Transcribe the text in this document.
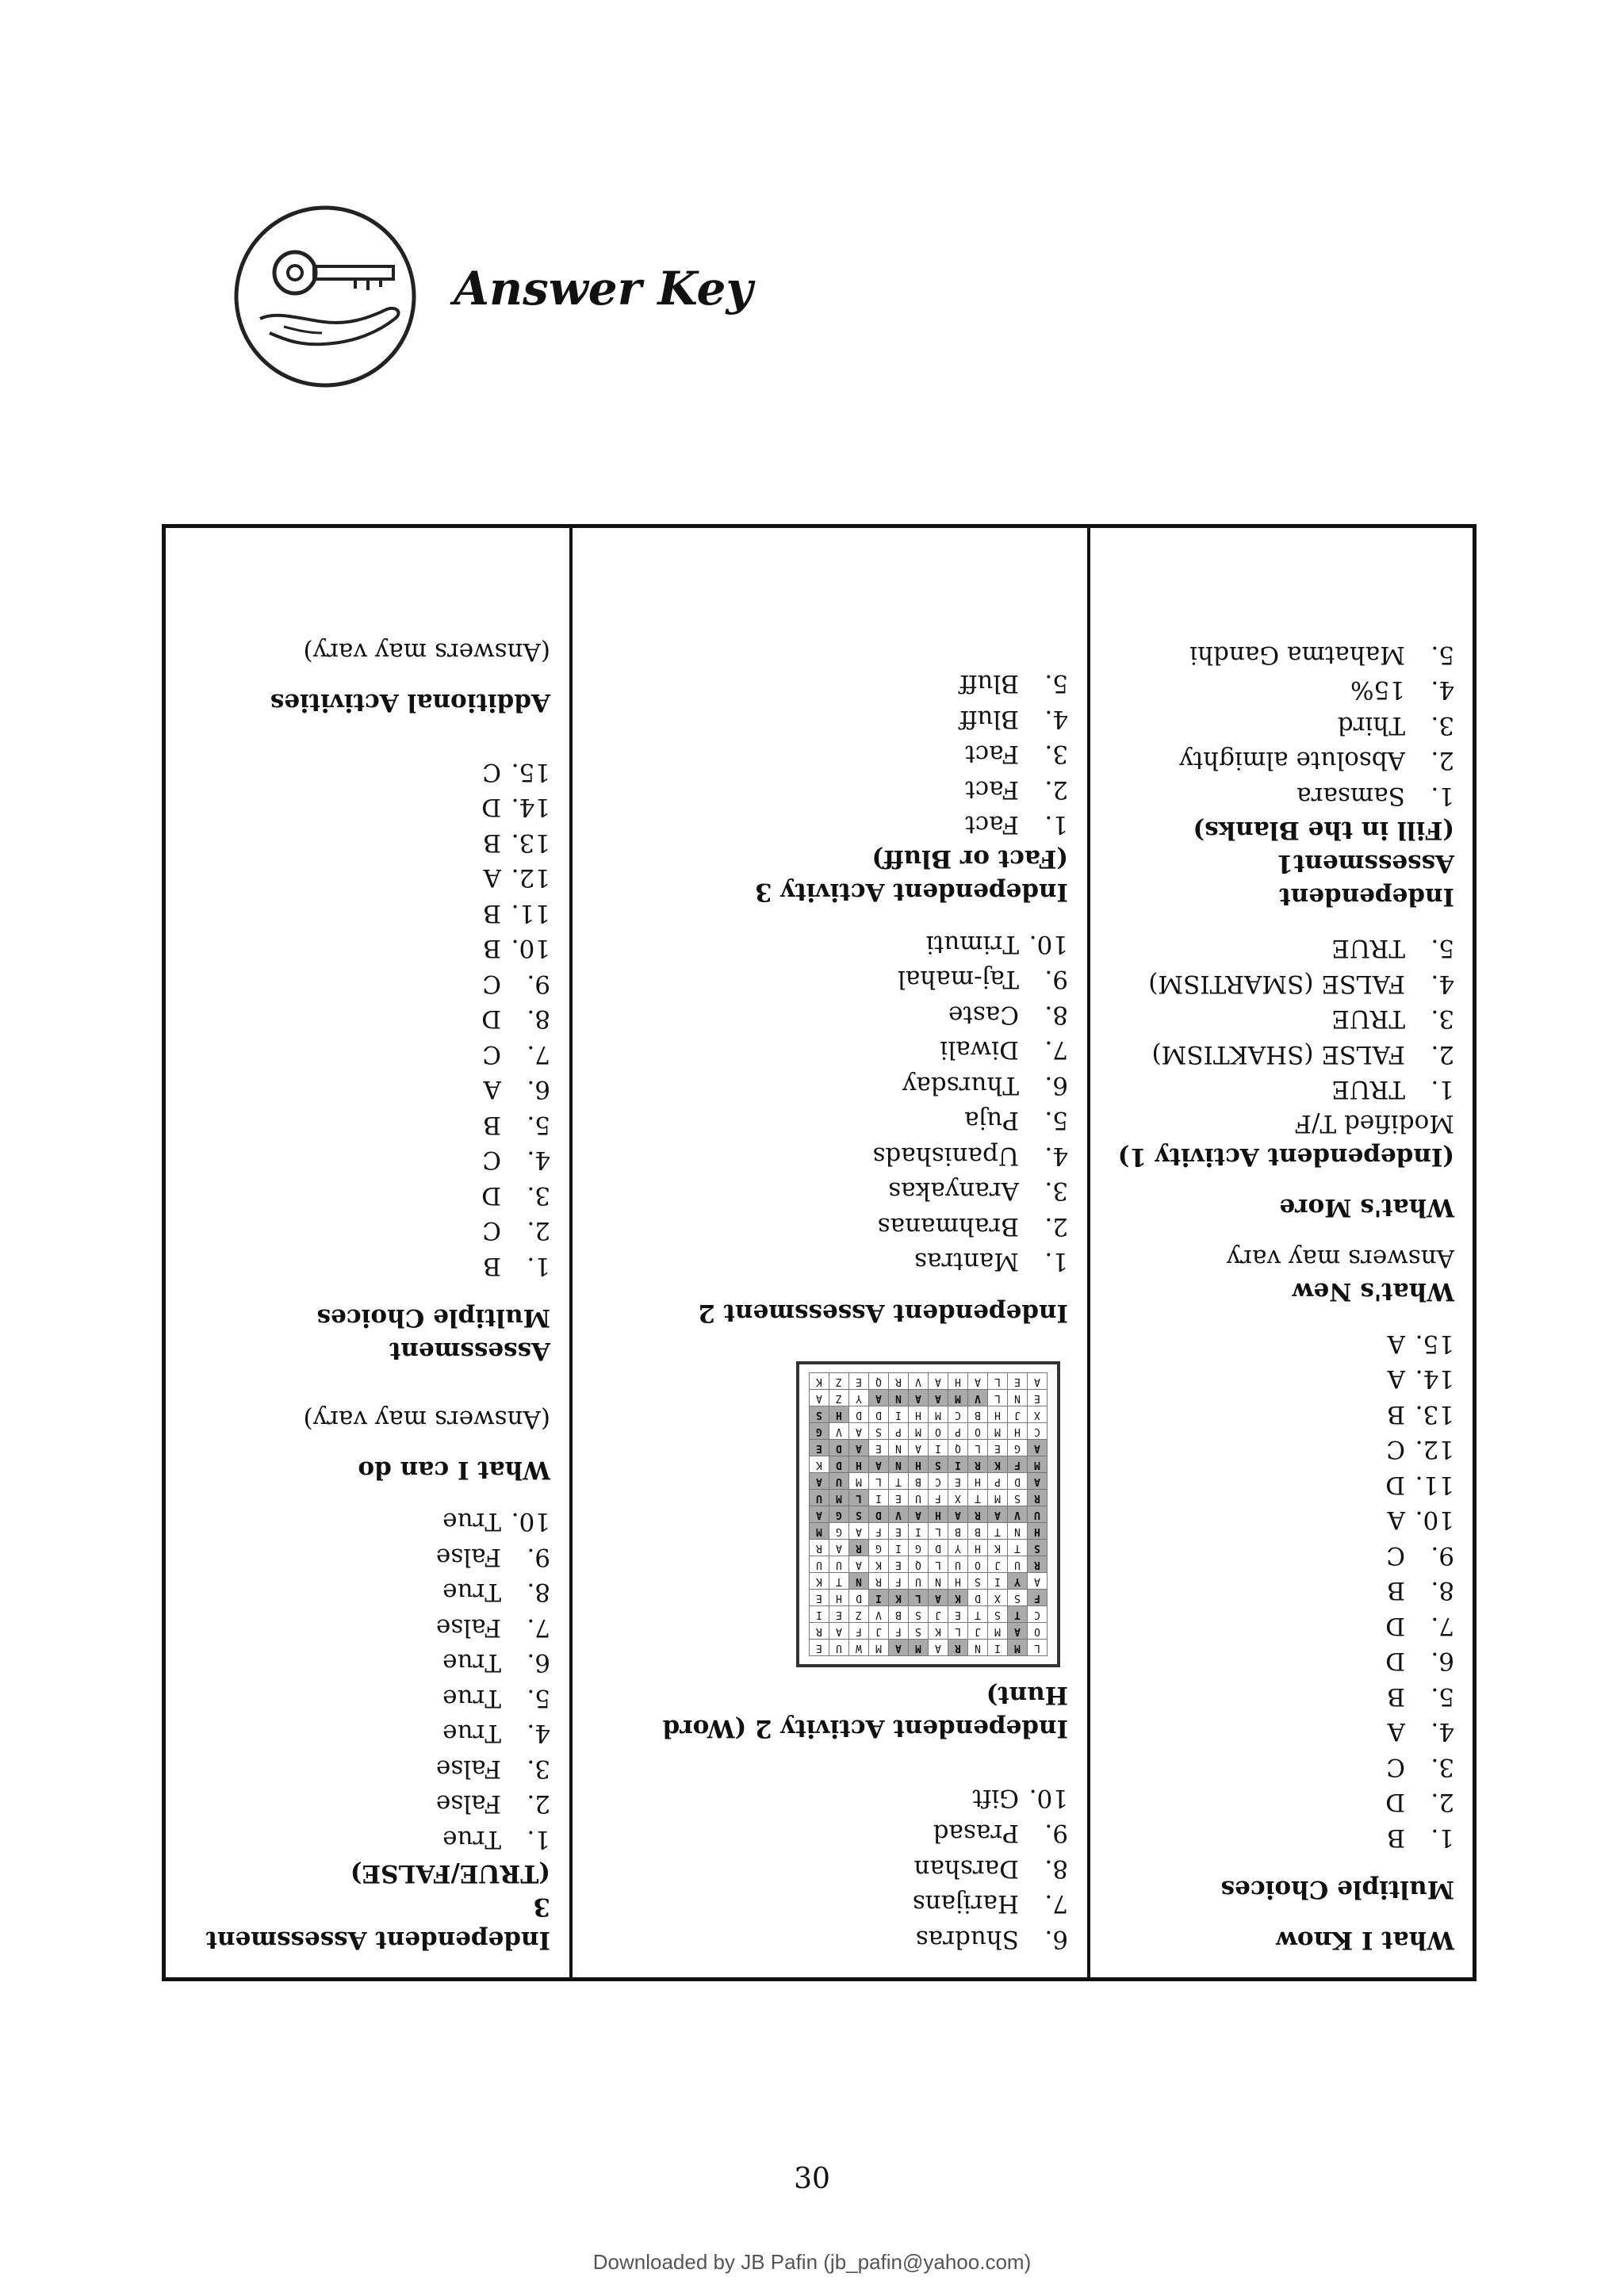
Answer Key

Independent Assessment 3

(TRUE/FALSE)

1.True
2.False
3.False
4.True
5.True
6.True
7.False
8.True
9.False
10.True

What I can do

(Answers may vary)

Assessment

Multiple Choices

1.B
2.C
3.D
4.C
5.B
6.A
7.C
8.D
9.C
10.B
11.B
12.A
13.B
14.D
15.C

Additional Activities

(Answers may vary)
6.Shudras
7.Harijans
8.Darshan
9.Prasad
10.Gift

Independent Activity 2 (Word Hunt)

L	M	I	N	R	A	M	A	M	W	U	E
O	A	M	J	L	K	S	F	J	F	A	R
C	T	S	T	E	J	S	B	V	Z	E	I
F	S	X	D	K	A	L	K	I	D	H	E
A	Y	I	S	H	N	U	F	R	N	T	K
R	U	J	O	U	L	Q	E	K	A	U	U
S	T	K	H	Y	D	G	I	G	R	A	R
H	N	T	B	B	L	I	E	F	A	G	M
U	V	A	R	A	H	A	V	D	S	G	A
R	S	M	T	X	F	U	E	I	L	M	U
A	D	P	H	E	C	B	T	L	M	U	A
M	F	K	R	I	S	H	N	A	H	D	K
A	G	E	L	Q	I	A	N	E	A	D	E
C	H	M	O	P	O	M	P	S	A	V	G
X	J	H	B	C	M	H	I	D	D	H	S
E	N	L	V	M	A	A	N	A	Y	Z	A
A	E	L	A	H	A	V	R	Q	E	Z	K

Independent Assessment 2

1.Mantras
2.Brahmanas
3.Aranyakas
4.Upanishads
5.Puja
6.Thursday
7.Diwali
8.Caste
9.Taj-mahal
10.Trimuti

Independent Activity 3

(Fact or Bluff)

1.Fact
2.Fact
3.Fact
4.Bluff
5.Bluff

What I Know

Multiple Choices

1.B
2.D
3.C
4.A
5.B
6.D
7.D
8.B
9.C
10.A
11.D
12.C
13.B
14.A
15.A

What's New

Answers may vary

What's More

(Independent Activity 1)

Modified T/F
1.TRUE
2.FALSE (SHAKTISM)
3.TRUE
4.FALSE (SMARTISM)
5.TRUE

Independent Assessment1

(Fill in the Blanks)

1.Samsara
2.Absolute almighty
3.Third
4.15%
5.Mahatma Gandhi
30
Downloaded by JB Pafin (jb_pafin@yahoo.com)
